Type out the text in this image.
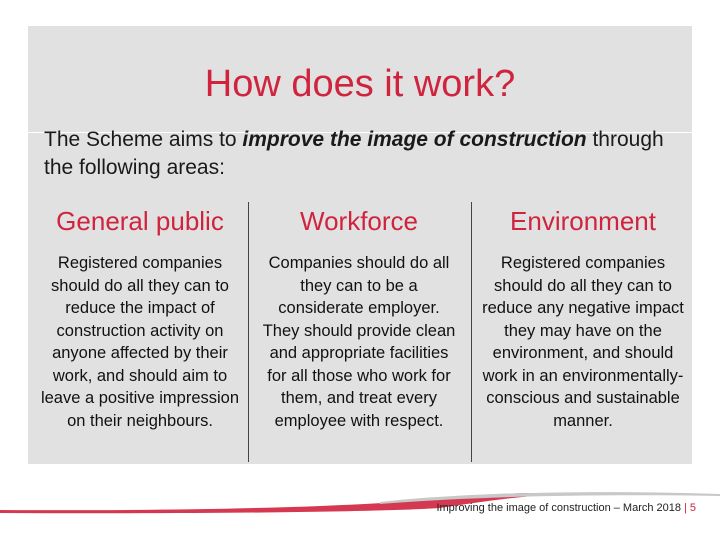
How does it work?
The Scheme aims to improve the image of construction through the following areas:
General public
Registered companies should do all they can to reduce the impact of construction activity on anyone affected by their work, and should aim to leave a positive impression on their neighbours.
Workforce
Companies should do all they can to be a considerate employer. They should provide clean and appropriate facilities for all those who work for them, and treat every employee with respect.
Environment
Registered companies should do all they can to reduce any negative impact they may have on the environment, and should work in an environmentally-conscious and sustainable manner.
Improving the image of construction – March 2018 | 5
